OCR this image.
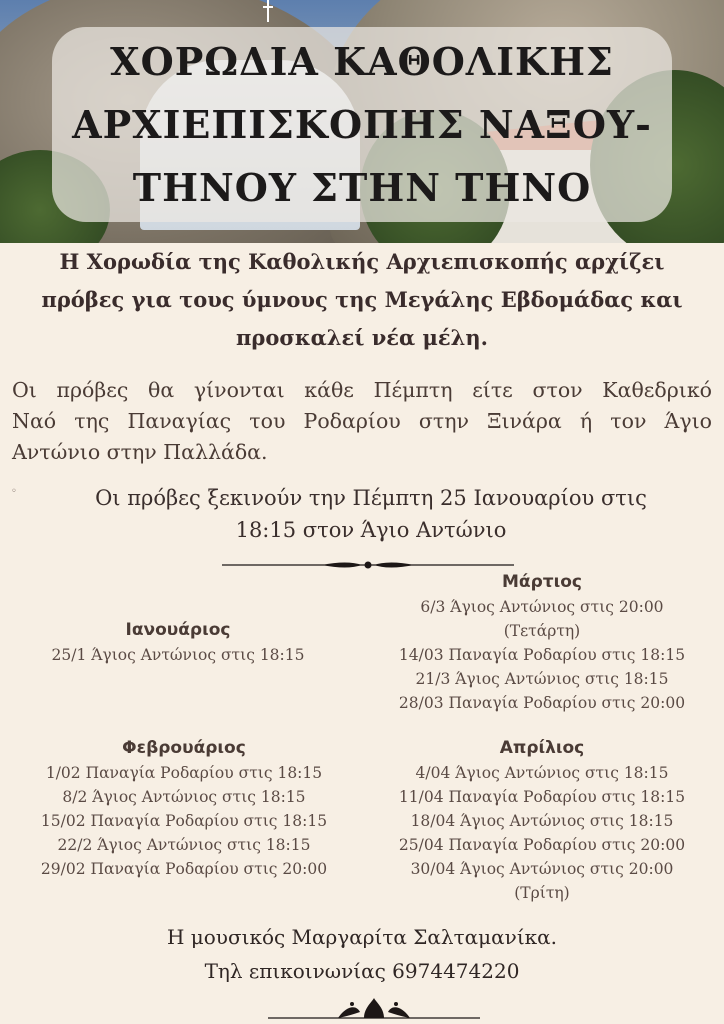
ΧΟΡΩΔΙΑ ΚΑΘΟΛΙΚΗΣ
ΑΡΧΙΕΠΙΣΚΟΠΗΣ ΝΑΞΟΥ-
ΤΗΝΟΥ ΣΤΗΝ ΤΗΝΟ

Η Χορωδία της Καθολικής Αρχιεπισκοπής αρχίζει
πρόβες για τους ύμνους της Μεγάλης Εβδομάδας και
προσκαλεί νέα μέλη.

Οι πρόβες θα γίνονται κάθε Πέμπτη είτε στον Καθεδρικό
Ναό της Παναγίας του Ροδαρίου στην Ξινάρα ή τον Άγιο
Αντώνιο στην Παλλάδα.

◦	Οι πρόβες ξεκινούν την Πέμπτη 25 Ιανουαρίου στις
18:15 στον Άγιο Αντώνιο

Ιανουάριος
25/1 Άγιος Αντώνιος στις 18:15
Φεβρουάριος
1/02 Παναγία Ροδαρίου στις 18:15
8/2 Άγιος Αντώνιος στις 18:15
15/02 Παναγία Ροδαρίου στις 18:15
22/2 Άγιος Αντώνιος στις 18:15
29/02 Παναγία Ροδαρίου στις 20:00
Μάρτιος
6/3 Άγιος Αντώνιος στις 20:00
(Τετάρτη)
14/03 Παναγία Ροδαρίου στις 18:15
21/3 Άγιος Αντώνιος στις 18:15
28/03 Παναγία Ροδαρίου στις 20:00
Απρίλιος
4/04 Άγιος Αντώνιος στις 18:15
11/04 Παναγία Ροδαρίου στις 18:15
18/04 Άγιος Αντώνιος στις 18:15
25/04 Παναγία Ροδαρίου στις 20:00
30/04 Άγιος Αντώνιος στις 20:00
(Τρίτη)
Η μουσικός Μαργαρίτα Σαλταμανίκα.
Τηλ επικοινωνίας 6974474220
